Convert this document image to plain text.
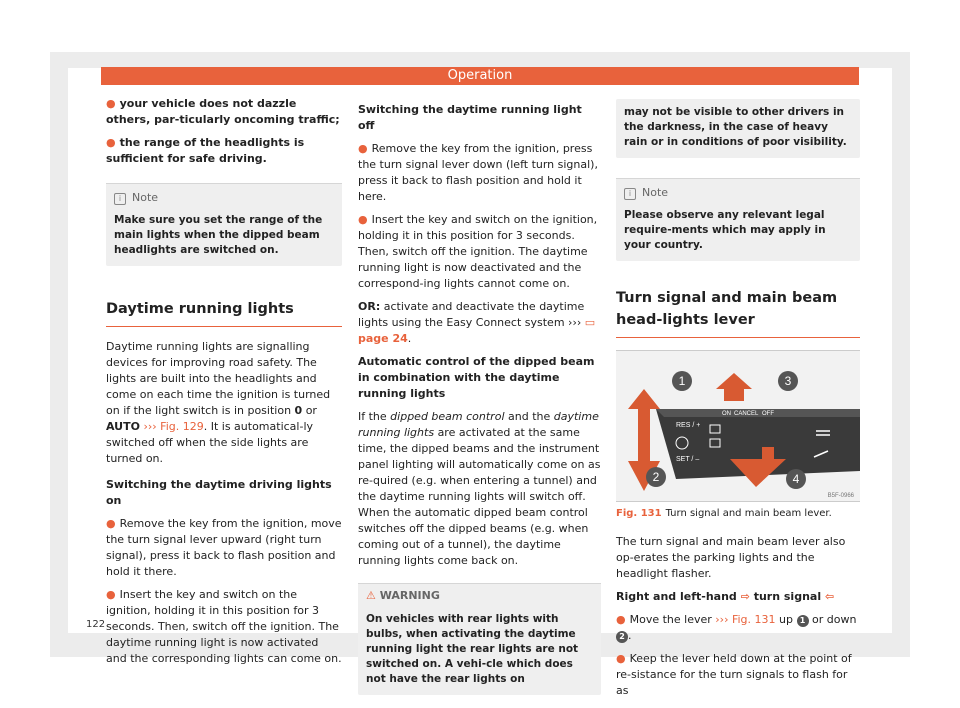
Operation

● your vehicle does not dazzle others, par-ticularly oncoming traffic;

● the range of the headlights is sufficient for safe driving.

i Note
Make sure you set the range of the main lights when the dipped beam headlights are switched on.
Daytime running lights

Daytime running lights are signalling devices for improving road safety. The lights are built into the headlights and come on each time the ignition is turned on if the light switch is in position 0 or AUTO ››› Fig. 129. It is automatical-ly switched off when the side lights are turned on.

Switching the daytime driving lights on

● Remove the key from the ignition, move the turn signal lever upward (right turn signal), press it back to flash position and hold it there.

● Insert the key and switch on the ignition, holding it in this position for 3 seconds. Then, switch off the ignition. The daytime running light is now activated and the corresponding lights can come on.

Switching the daytime running light off

● Remove the key from the ignition, press the turn signal lever down (left turn signal), press it back to flash position and hold it here.

● Insert the key and switch on the ignition, holding it in this position for 3 seconds. Then, switch off the ignition. The daytime running light is now deactivated and the correspond-ing lights cannot come on.

OR: activate and deactivate the daytime lights using the Easy Connect system ››› ▭ page 24.

Automatic control of the dipped beam in combination with the daytime running lights

If the dipped beam control and the daytime running lights are activated at the same time, the dipped beams and the instrument panel lighting will automatically come on as re-quired (e.g. when entering a tunnel) and the daytime running lights will switch off. When the automatic dipped beam control switches off the dipped beams (e.g. when coming out of a tunnel), the daytime running lights come back on.

⚠ WARNING
On vehicles with rear lights with bulbs, when activating the daytime running light the rear lights are not switched on. A vehi-cle which does not have the rear lights on
may not be visible to other drivers in the darkness, in the case of heavy rain or in conditions of poor visibility.
i Note
Please observe any relevant legal require-ments which may apply in your country.
Turn signal and main beam head-lights lever
RES / +
SET / –
ON CANCEL OFF
1
2
3
4
B5F-0966
Fig. 131 Turn signal and main beam lever.

The turn signal and main beam lever also op-erates the parking lights and the headlight flasher.

Right and left-hand ⇨ turn signal ⇦

● Move the lever ››› Fig. 131 up 1 or down 2 .

● Keep the lever held down at the point of re-sistance for the turn signals to flash for as

122
